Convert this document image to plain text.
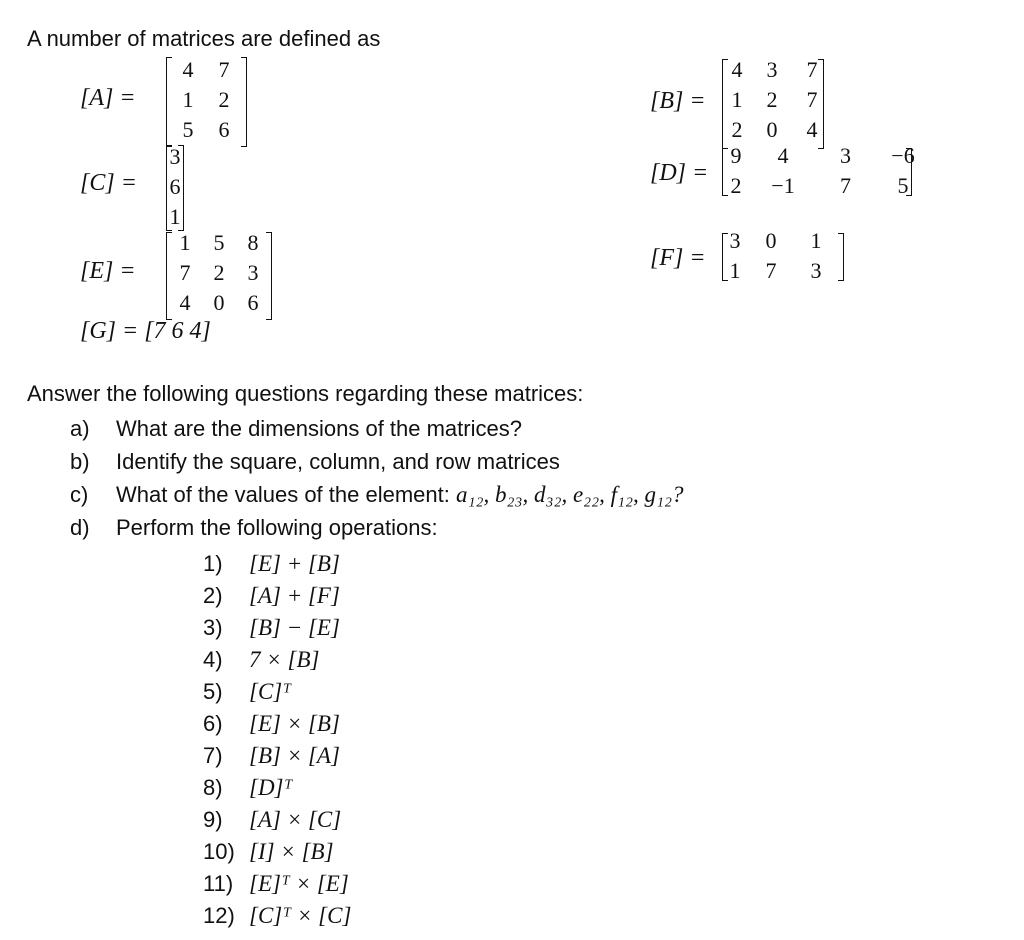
A number of matrices are defined as
[A] =
4	7
1	2
5	6
[C] =
3
6
1
[E] =
1	5	8
7	2	3
4	0	6
[G] = [7 6 4]
[B] =
4	3	7
1	2	7
2	0	4
[D] =
9	4	3	−6
2	−1	7	5
[F] =
3	0	1
1	7	3
Answer the following questions regarding these matrices:
a) What are the dimensions of the matrices?
b) Identify the square, column, and row matrices
c) What of the values of the element: a₁₂, b₂₃, d₃₂, e₂₂, f₁₂, g₁₂?
d) Perform the following operations:
1)	[E] + [B]
2)	[A] + [F]
3)	[B] − [E]
4)	7 × [B]
5)	[C]ᵀ
6)	[E] × [B]
7)	[B] × [A]
8)	[D]ᵀ
9)	[A] × [C]
10) [I] × [B]
11) [E]ᵀ × [E]
12) [C]ᵀ × [C]
